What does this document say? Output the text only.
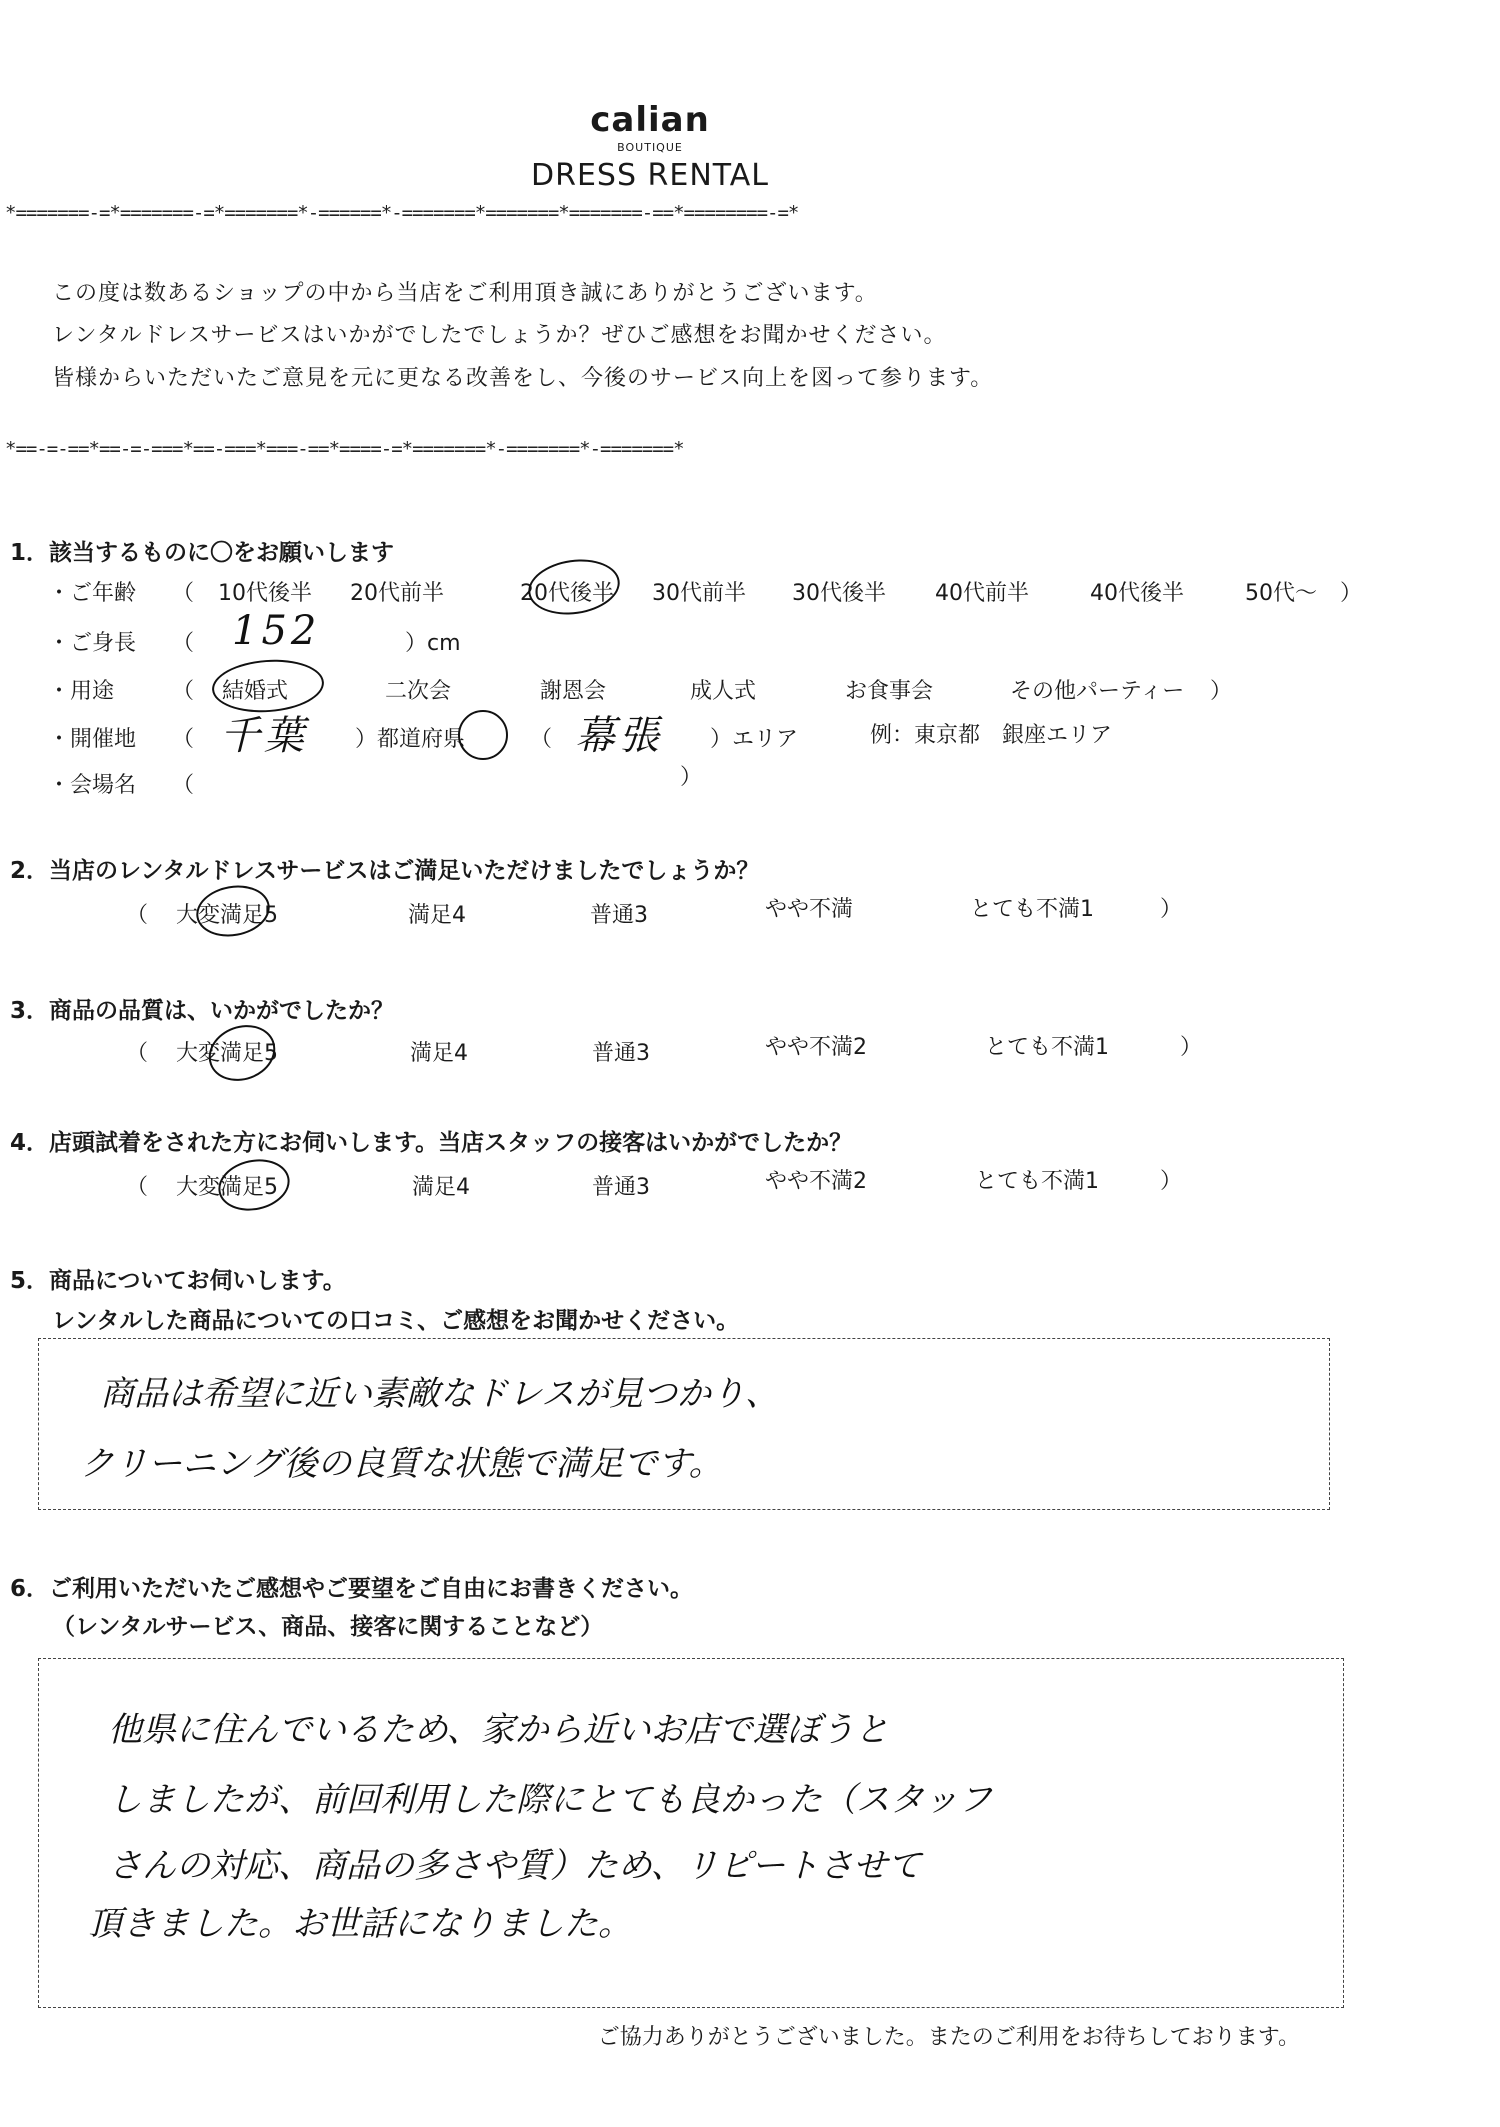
calian
BOUTIQUE
DRESS RENTAL
*=======-=*=======-=*=======*-======*-=======*=======*=======-==*========-=*
この度は数あるショップの中から当店をご利用頂き誠にありがとうございます。
レンタルドレスサービスはいかがでしたでしょうか？ぜひご感想をお聞かせください。
皆様からいただいたご意見を元に更なる改善をし、今後のサービス向上を図って参ります。
*==-=-==*==-=-===*==-===*===-==*====-=*=======*-=======*-=======*
1．該当するものに〇をお願いします
・ご年齢 （ 10代後半 20代前半	20代後半 30代前半 30代後半 40代前半	40代後半	50代〜 ）
・ご身長 （ 152	）cm
・用途	（ 結婚式	二次会	謝恩会	成人式	お食事会	その他パーティー ）
・開催地 （ 千葉 ）都道府県	（ 幕張 ）エリア	例：東京都　銀座エリア
・会場名 （	）
2．当店のレンタルドレスサービスはご満足いただけましたでしょうか？
（ 大変満足5	満足4	普通3	やや不満	とても不満1	）
3．商品の品質は、いかがでしたか？
（ 大変満足5	満足4	普通3	やや不満2	とても不満1	）
4．店頭試着をされた方にお伺いします。当店スタッフの接客はいかがでしたか？
（ 大変満足5	満足4	普通3	やや不満2	とても不満1	）
5．商品についてお伺いします。
レンタルした商品についての口コミ、ご感想をお聞かせください。
商品は希望に近い素敵なドレスが見つかり、
クリーニング後の良質な状態で満足です。
6．ご利用いただいたご感想やご要望をご自由にお書きください。
（レンタルサービス、商品、接客に関することなど）
他県に住んでいるため、家から近いお店で選ぼうと
しましたが、前回利用した際にとても良かった（スタッフ
さんの対応、商品の多さや質）ため、リピートさせて
頂きました。お世話になりました。
ご協力ありがとうございました。またのご利用をお待ちしております。
